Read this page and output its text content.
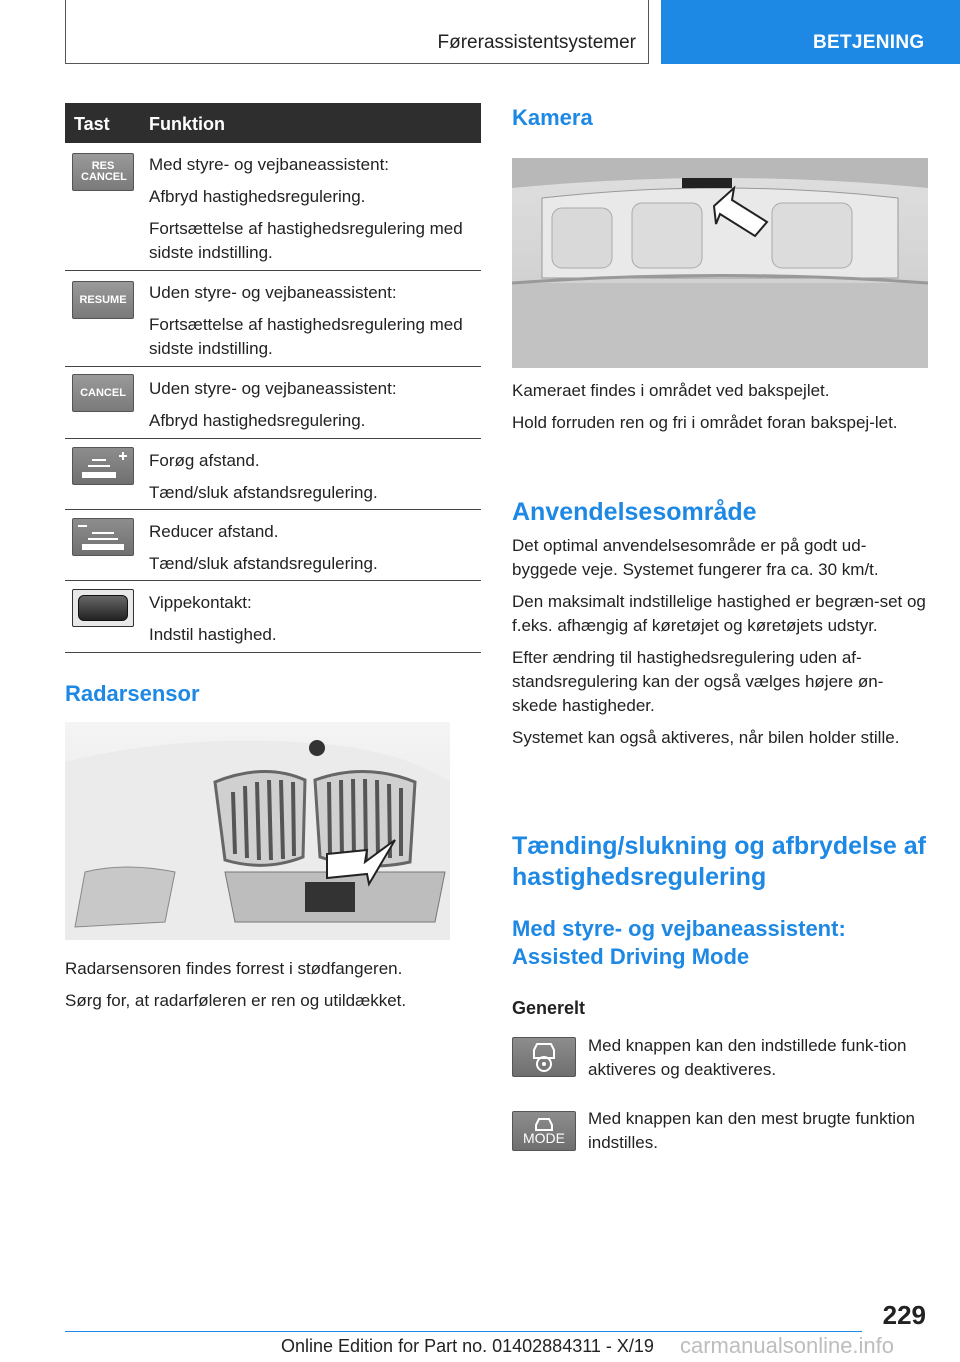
Førerassistentsystemer	BETJENING
Tast Funktion
RES CANCEL

Med styre- og vejbaneassistent:

Afbryd hastighedsregulering.

Fortsættelse af hastighedsregulering med sidste indstilling.

RESUME Uden styre- og vejbaneassistent:

Fortsættelse af hastighedsregulering med sidste indstilling.

CANCEL Uden styre- og vejbaneassistent:

Afbryd hastighedsregulering.

Forøg afstand.

Tænd/sluk afstandsregulering.

Reducer afstand.

Tænd/sluk afstandsregulering.

Vippekontakt:

Indstil hastighed.

Radarsensor

Radarsensoren findes forrest i stødfangeren.

Sørg for, at radarføleren er ren og utildækket.

Kamera

Kameraet findes i området ved bakspejlet.

Hold forruden ren og fri i området foran bakspej‐let.

Anvendelsesområde

Det optimal anvendelsesområde er på godt ud‐byggede veje. Systemet fungerer fra ca. 30 km/t.

Den maksimalt indstillelige hastighed er begræn‐set og f.eks. afhængig af køretøjet og køretøjets udstyr.

Efter ændring til hastighedsregulering uden af‐standsregulering kan der også vælges højere øn‐skede hastigheder.

Systemet kan også aktiveres, når bilen holder stille.

Tænding/slukning og afbrydelse af hastighedsregulering
Med styre- og vejbaneassistent: Assisted Driving Mode
Generelt
Med knappen kan den indstillede funk‐tion aktiveres og deaktiveres.
MODE
Med knappen kan den mest brugte funktion indstilles.
229
Online Edition for Part no. 01402884311 - X/19 carmanualsonline.info
